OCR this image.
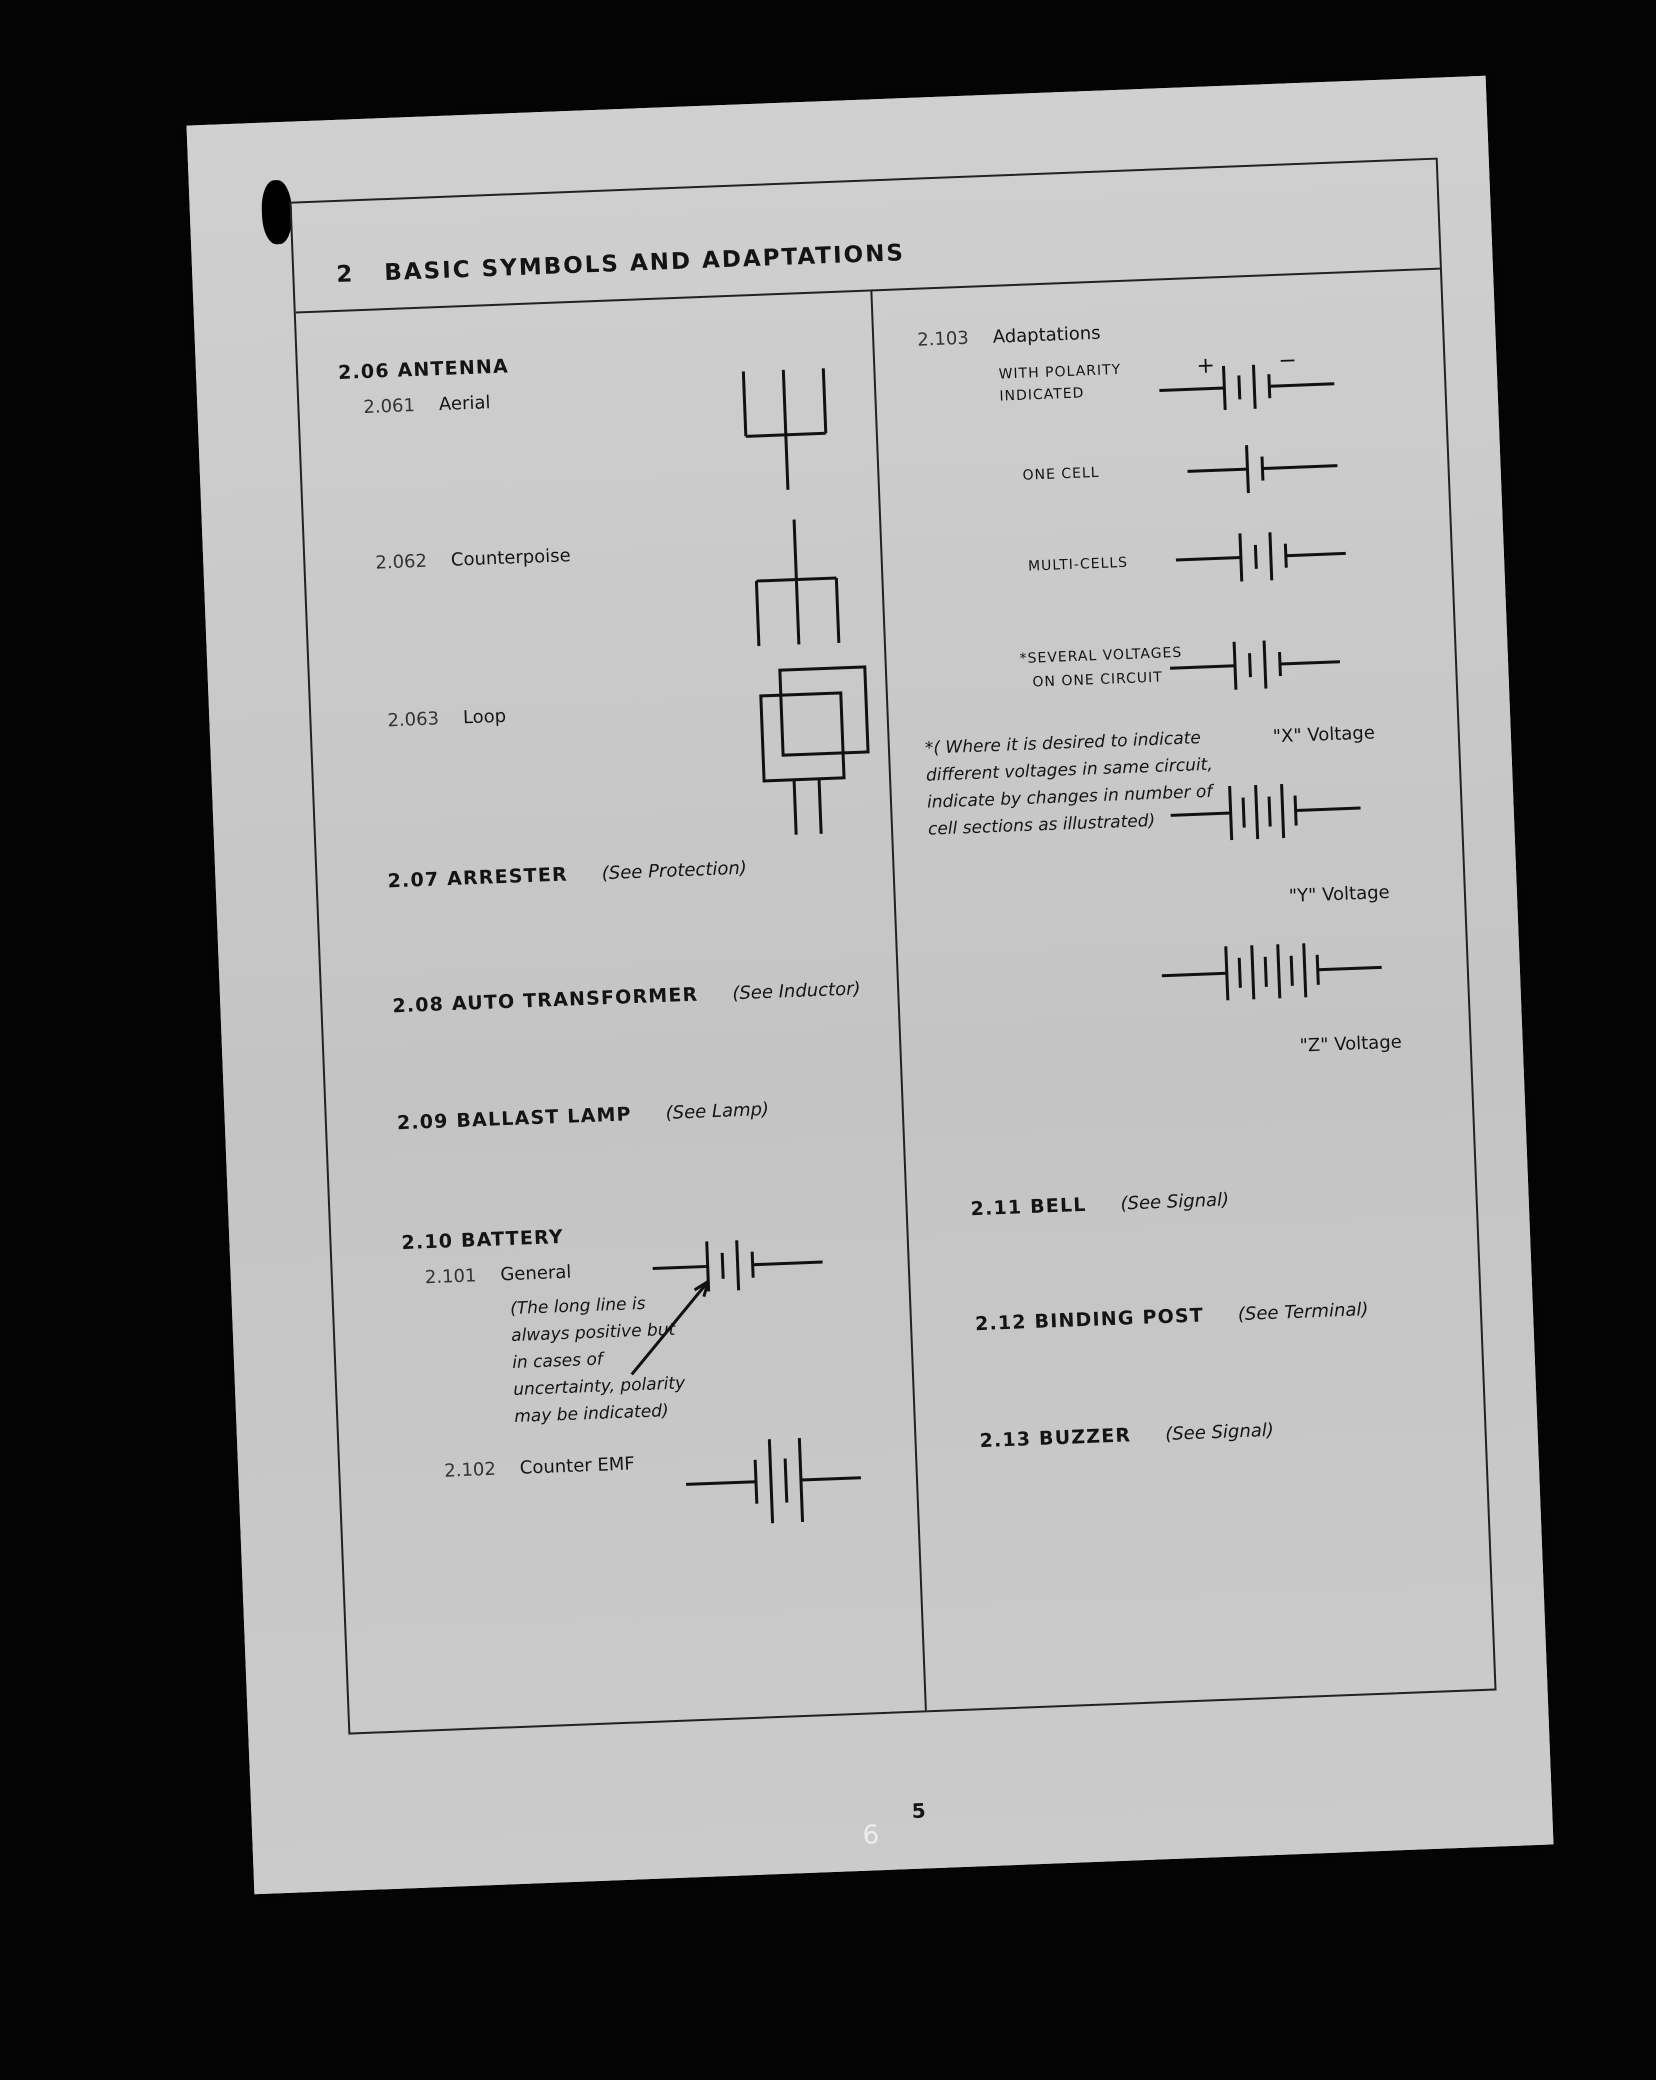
2 BASIC SYMBOLS AND ADAPTATIONS
2.06 ANTENNA
2.061 Aerial
2.062 Counterpoise
2.063 Loop
2.07 ARRESTER (See Protection)
2.08 AUTO TRANSFORMER (See Inductor)
2.09 BALLAST LAMP (See Lamp)
2.10 BATTERY
2.101 General
(The long line is always positive but in cases of uncertainty, polarity may be indicated)
2.102 Counter EMF
2.103 Adaptations
WITH POLARITY
INDICATED
+	−
ONE CELL
MULTI-CELLS
*SEVERAL VOLTAGES
ON ONE CIRCUIT
*( Where it is desired to indicate different voltages in same circuit, indicate by changes in number of cell sections as illustrated)
"X" Voltage
"Y" Voltage
"Z" Voltage
2.11 BELL (See Signal)
2.12 BINDING POST (See Terminal)
2.13 BUZZER (See Signal)
5
6
